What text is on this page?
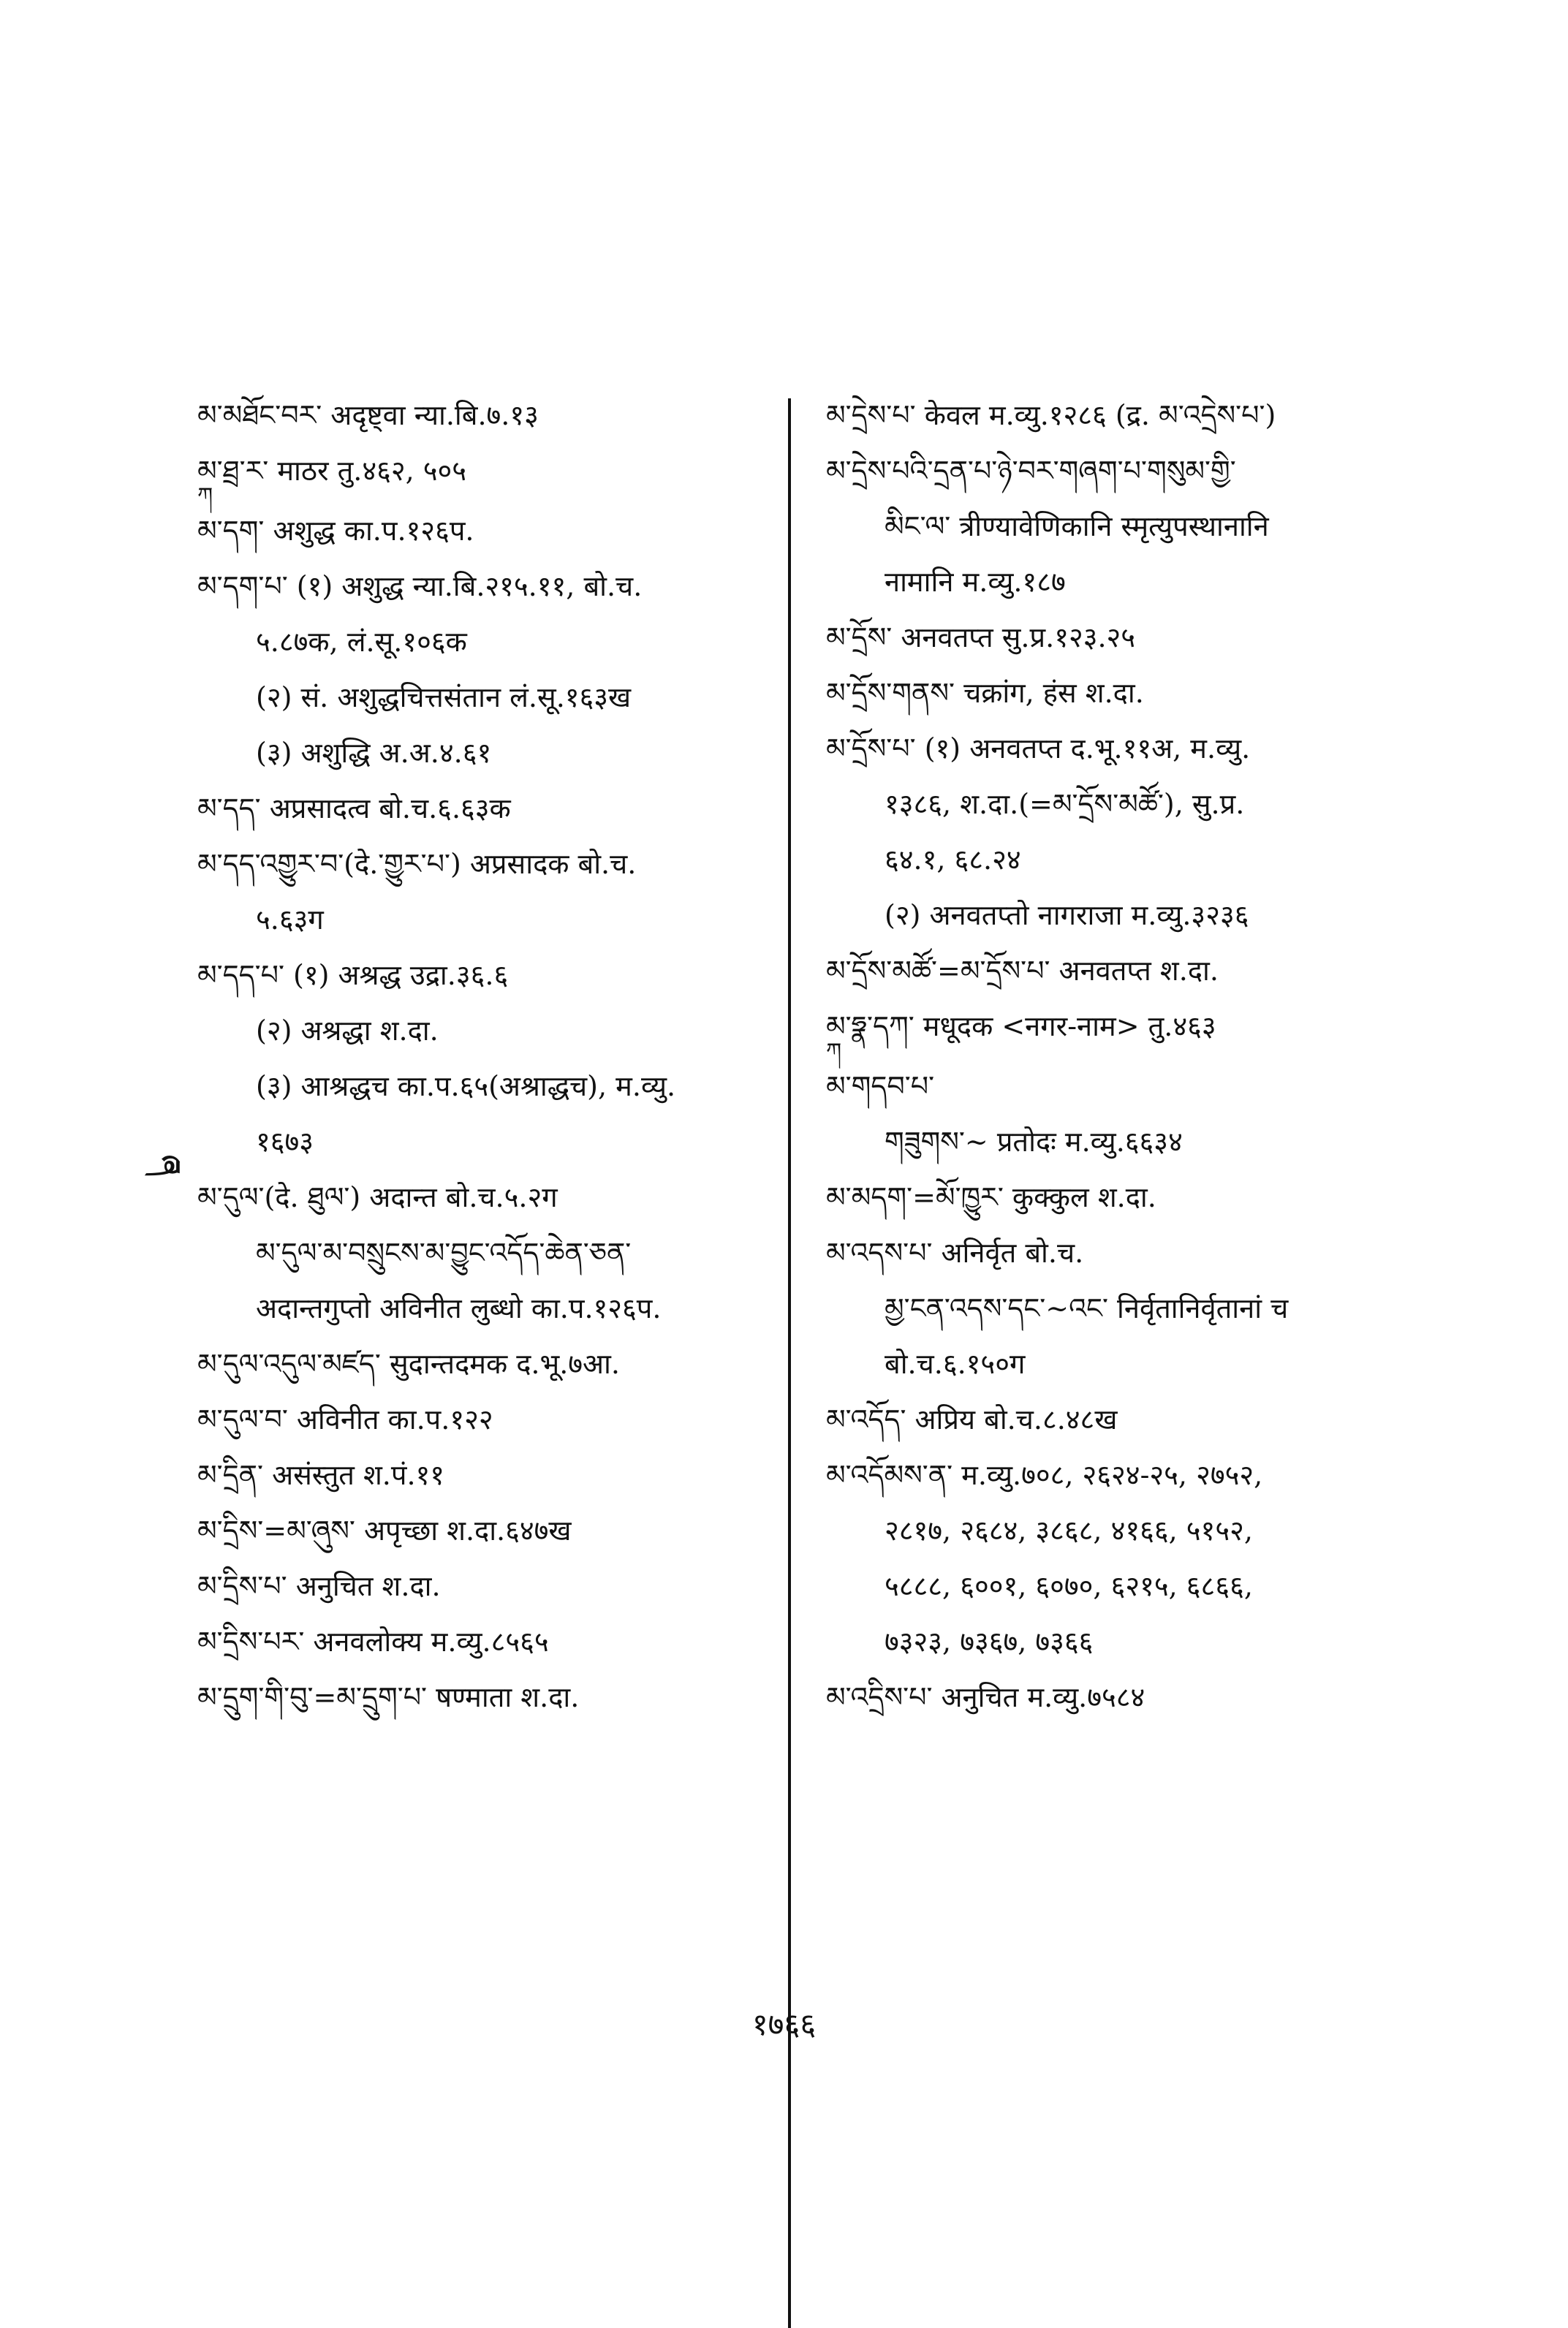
མ་མཐོང་བར་ अदृष्ट्वा न्या.बि.७.१३
མ་ཐྲ་ར་ माठर तु.४६२, ५०५
ཀ
མ་དག་ अशुद्ध का.प.१२६प.
མ་དག་པ་ (१) अशुद्ध न्या.बि.२१५.११, बो.च.
५.८७क, लं.सू.१०६क
(२) सं. अशुद्धचित्तसंतान लं.सू.१६३ख
(३) अशुद्धि अ.अ.४.६१
མ་དད་ अप्रसादत्व बो.च.६.६३क
མ་དད་འགྱུར་བ་(दे.་གྱུར་པ་) अप्रसादक बो.च.
५.६३ग
མ་དད་པ་ (१) अश्रद्ध उद्रा.३६.६
(२) अश्रद्धा श.दा.
(३) आश्रद्धच का.प.६५(अश्राद्धच), म.व्यु.
१६७३
མ་དུལ་(दे. ཐུལ་) अदान्त बो.च.५.२ग
མ་དུལ་མ་བསྲུངས་མ་བྱུང་འདོད་ཆེན་ཅན་
अदान्तगुप्तो अविनीत लुब्धो का.प.१२६प.
མ་དུལ་འདུལ་མཛད་ सुदान्तदमक द.भू.७आ.
མ་དུལ་བ་ अविनीत का.प.१२२
མ་དྲིན་ असंस्तुत श.पं.११
མ་དྲིས་=མ་ཞུས་ अपृच्छा श.दा.६४७ख
མ་དྲིས་པ་ अनुचित श.दा.
མ་དྲིས་པར་ अनवलोक्य म.व्यु.८५६५
མ་དྲུག་གི་བུ་=མ་དྲུག་པ་ षण्माता श.दा.
མ་དྲེས་པ་ केवल म.व्यु.१२८६ (द्र. མ་འདྲེས་པ་)
མ་དྲེས་པའི་དྲན་པ་ཉེ་བར་གཞག་པ་གསུམ་གྱི་
མིང་ལ་ त्रीण्यावेणिकानि स्मृत्युपस्थानानि
नामानि म.व्यु.१८७
མ་དྲོས་ अनवतप्त सु.प्र.१२३.२५
མ་དྲོས་གནས་ चक्रांग, हंस श.दा.
མ་དྲོས་པ་ (१) अनवतप्त द.भू.११अ, म.व्यु.
१३८६, श.दा.(=མ་དྲོས་མཚོ་), सु.प्र.
६४.१, ६८.२४
(२) अनवतप्तो नागराजा म.व्यु.३२३६
མ་དྲོས་མཚོ་=མ་དྲོས་པ་ अनवतप्त श.दा.
མ་ཧྣ་དཀ་ मधूदक <नगर-नाम> तु.४६३
ཀ
མ་གདབ་པ་
གཟུགས་~ प्रतोदः म.व्यु.६६३४
མ་མདག་=མོ་ཁྱུར་ कुक्कुल श.दा.
མ་འདས་པ་ अनिर्वृत बो.च.
མྱ་ངན་འདས་དང་~འང་ निर्वृतानिर्वृतानां च
बो.च.६.१५०ग
མ་འདོད་ अप्रिय बो.च.८.४८ख
མ་འདོམས་ན་ म.व्यु.७०८, २६२४-२५, २७५२,
२८१७, २६८४, ३८६८, ४१६६, ५१५२,
५८८८, ६००१, ६०७०, ६२१५, ६८६६,
७३२३, ७३६७, ७३६६
མ་འདྲིས་པ་ अनुचित म.व्यु.७५८४
ཞ
१७६६
